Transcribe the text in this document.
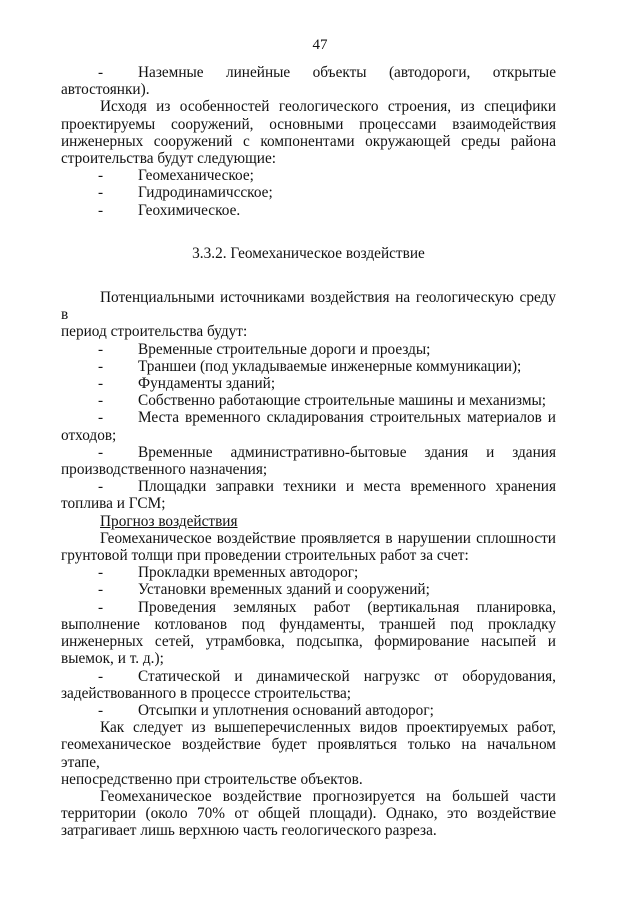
47
-	Наземные линейные объекты (автодороги, открытые

автостоянки).

Исходя из особенностей геологического строения, из специфики

проектируемы сооружений, основными процессами взаимодействия

инженерных сооружений с компонентами окружающей среды района

строительства будут следующие:

-	Геомеханическое;
-	Гидродинамичсское;
-	Геохимическое.

3.3.2. Геомеханическое воздействие

Потенциальными источниками воздействия на геологическую среду в

период строительства будут:

-	Временные строительные дороги и проезды;
-	Траншеи (под укладываемые инженерные коммуникации);
-	Фундаменты зданий;
-	Собственно работающие строительные машины и механизмы;
-	Места временного складирования строительных материалов и

отходов;

-	Временные административно-бытовые здания и здания

производственного назначения;

-	Площадки заправки техники и места временного хранения

топлива и ГСМ;

Прогноз воздействия

Геомеханическое воздействие проявляется в нарушении сплошности

грунтовой толщи при проведении строительных работ за счет:

-	Прокладки временных автодорог;
-	Установки временных зданий и сооружений;
-	Проведения земляных работ (вертикальная планировка,

выполнение котлованов под фундаменты, траншей под прокладку

инженерных сетей, утрамбовка, подсыпка, формирование насыпей и

выемок, и т. д.);

-	Статической и динамической нагрузкс от оборудования,

задействованного в процессе строительства;

-	Отсыпки и уплотнения оснований автодорог;

Как следует из вышеперечисленных видов проектируемых работ,

геомеханическое воздействие будет проявляться только на начальном этапе,

непосредственно при строительстве объектов.

Геомеханическое воздействие прогнозируется на большей части

территории (около 70% от общей площади). Однако, это воздействие

затрагивает лишь верхнюю часть геологического разреза.
